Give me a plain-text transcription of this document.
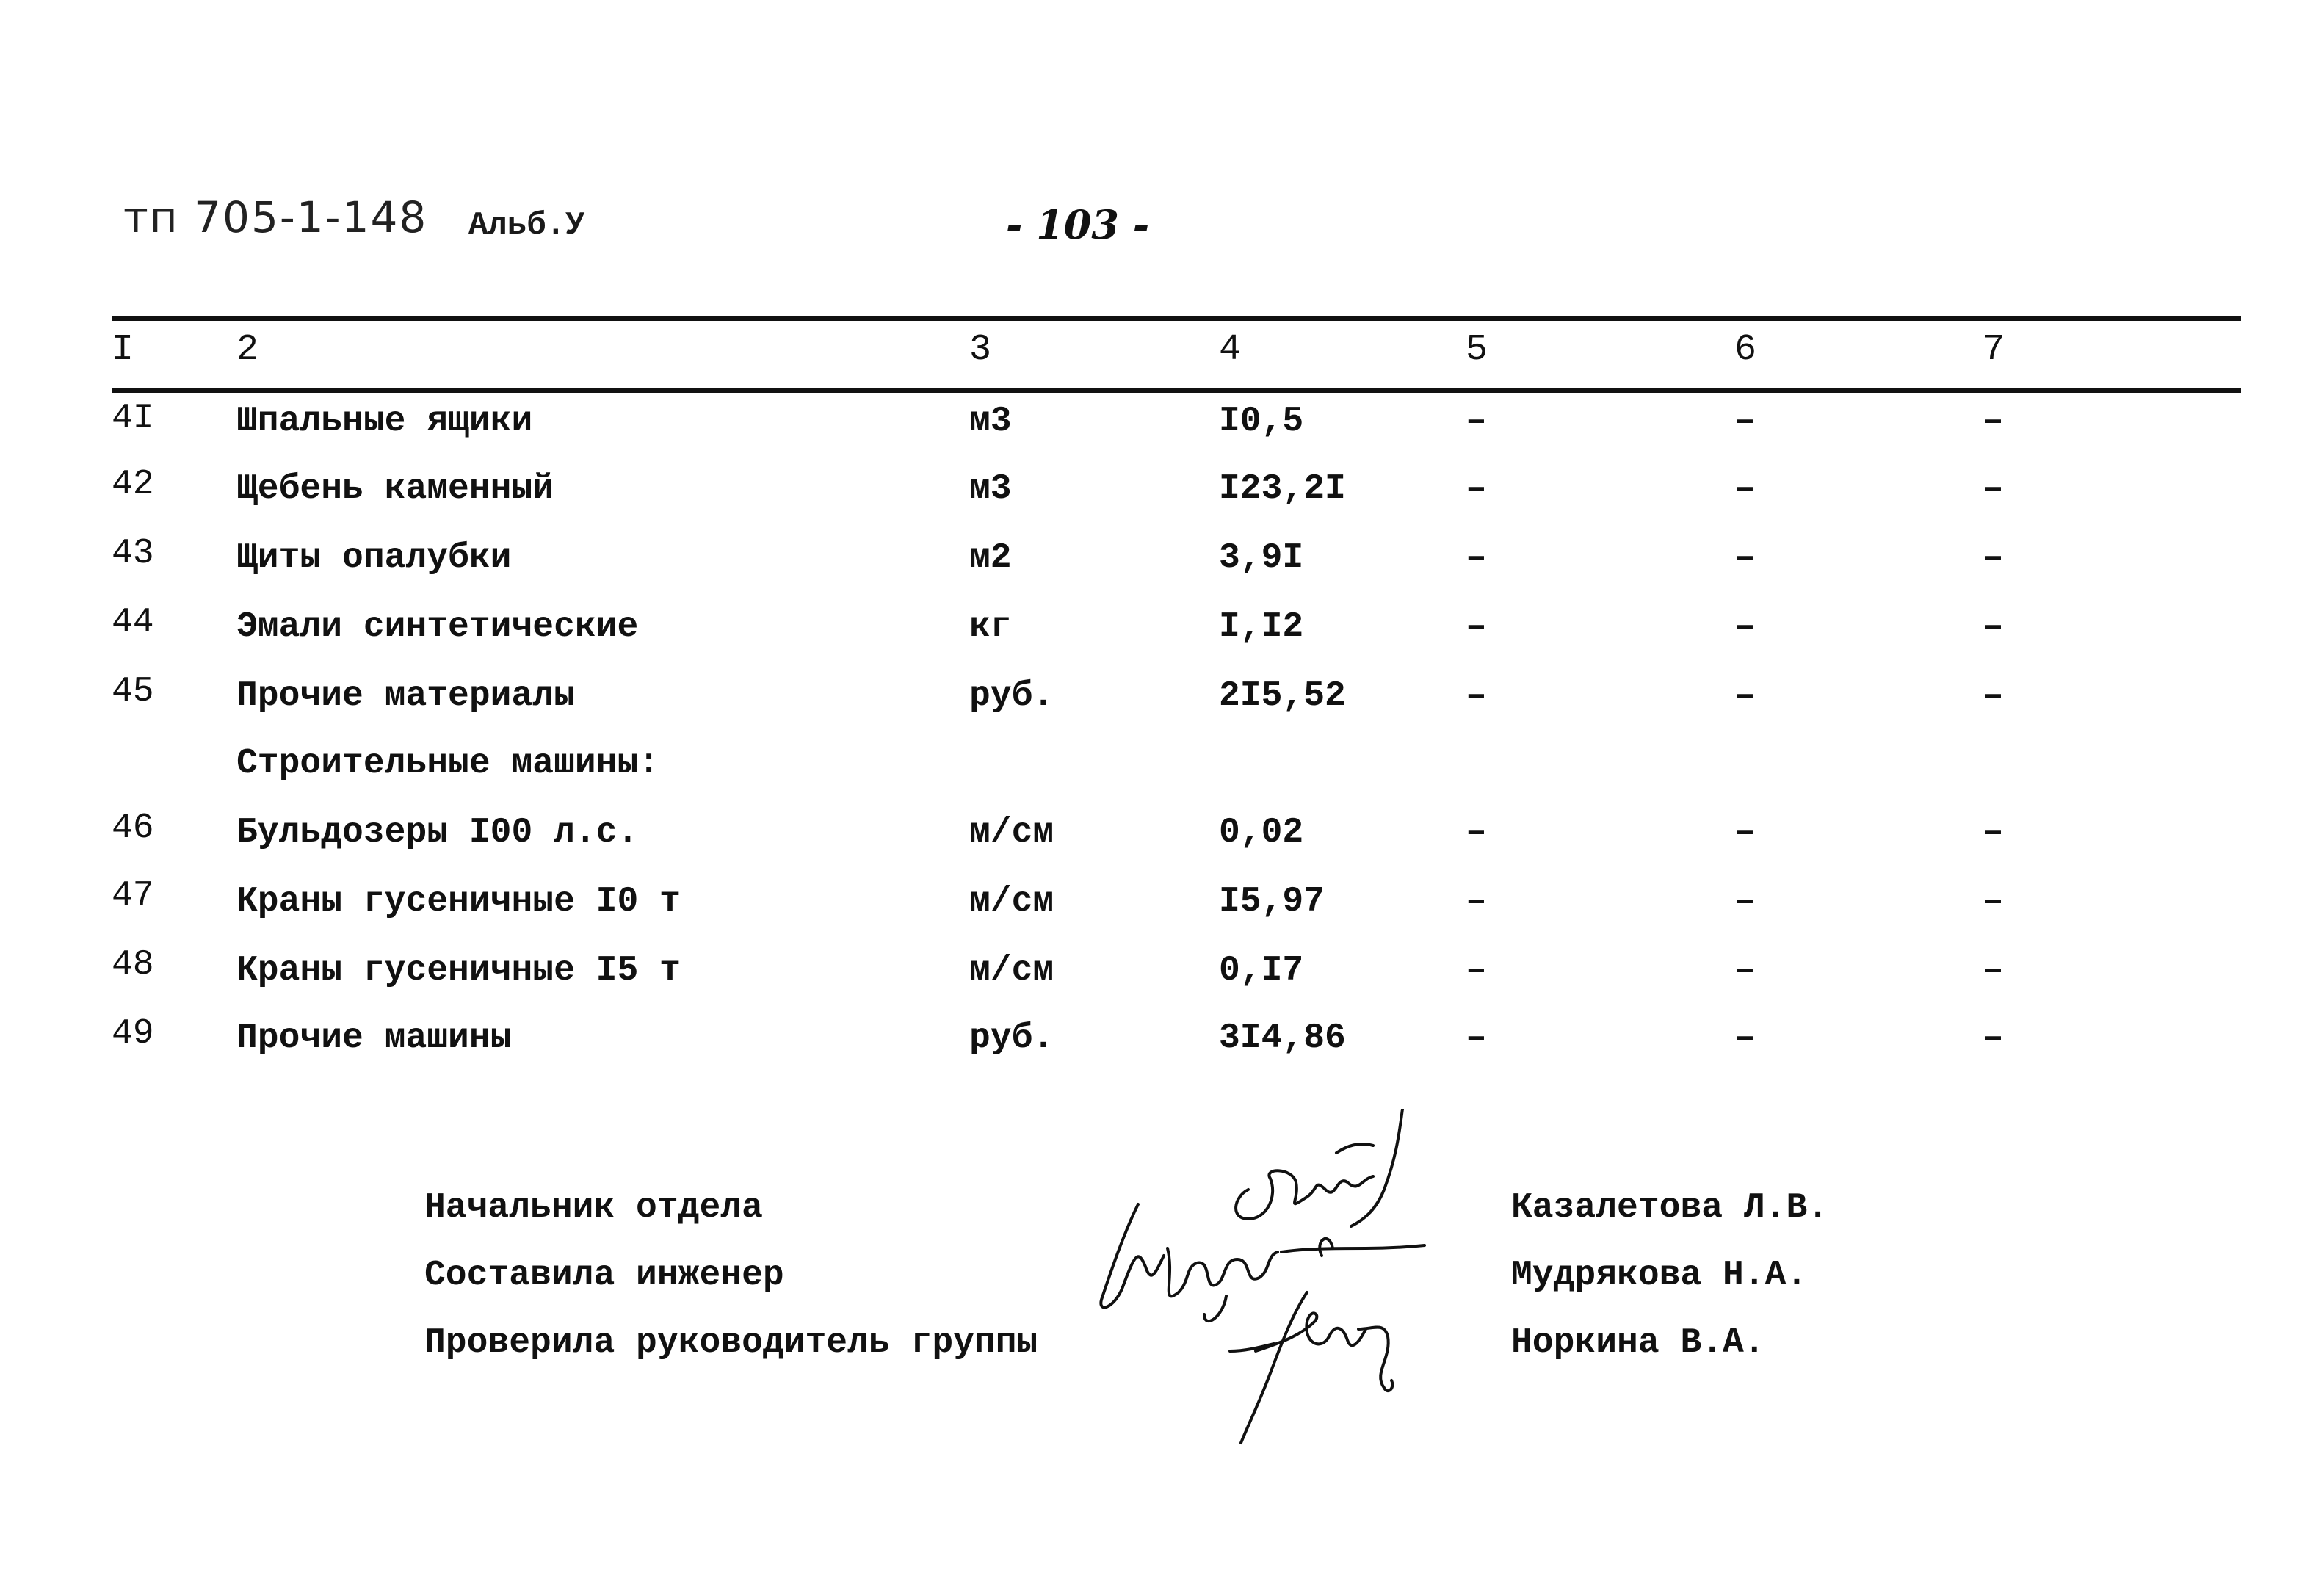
тп 705-1-148 Альб.У	- 103 -
I	2	3	4	5	6	7
4I Шпальные ящики	м3	I0,5	–	–	–
42 Щебень каменный	м3	I23,2I	–	–	–
43 Щиты опалубки	м2	3,9I	–	–	–
44 Эмали синтетические	кг	I,I2	–	–	–
45 Прочие материалы	руб.	2I5,52	–	–	–
Строительные машины:
46 Бульдозеры I00 л.с.	м/см	0,02	–	–	–
47 Краны гусеничные I0 т	м/см	I5,97	–	–	–
48 Краны гусеничные I5 т	м/см	0,I7	–	–	–
49 Прочие машины	руб.	3I4,86	–	–	–
Начальник отдела	Казалетова Л.В.
Составила инженер	Мудрякова Н.А.
Проверила руководитель группы	Норкина В.А.
